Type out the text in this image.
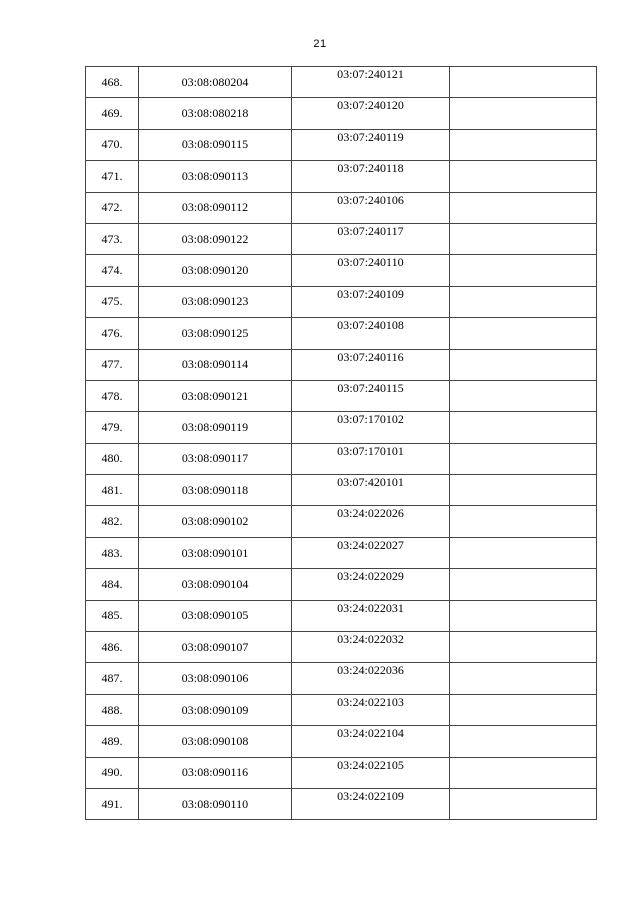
21
468.	03:08:080204	03:07:240121	
469.	03:08:080218	03:07:240120	
470.	03:08:090115	03:07:240119	
471.	03:08:090113	03:07:240118	
472.	03:08:090112	03:07:240106	
473.	03:08:090122	03:07:240117	
474.	03:08:090120	03:07:240110	
475.	03:08:090123	03:07:240109	
476.	03:08:090125	03:07:240108	
477.	03:08:090114	03:07:240116	
478.	03:08:090121	03:07:240115	
479.	03:08:090119	03:07:170102	
480.	03:08:090117	03:07:170101	
481.	03:08:090118	03:07:420101	
482.	03:08:090102	03:24:022026	
483.	03:08:090101	03:24:022027	
484.	03:08:090104	03:24:022029	
485.	03:08:090105	03:24:022031	
486.	03:08:090107	03:24:022032	
487.	03:08:090106	03:24:022036	
488.	03:08:090109	03:24:022103	
489.	03:08:090108	03:24:022104	
490.	03:08:090116	03:24:022105	
491.	03:08:090110	03:24:022109	
